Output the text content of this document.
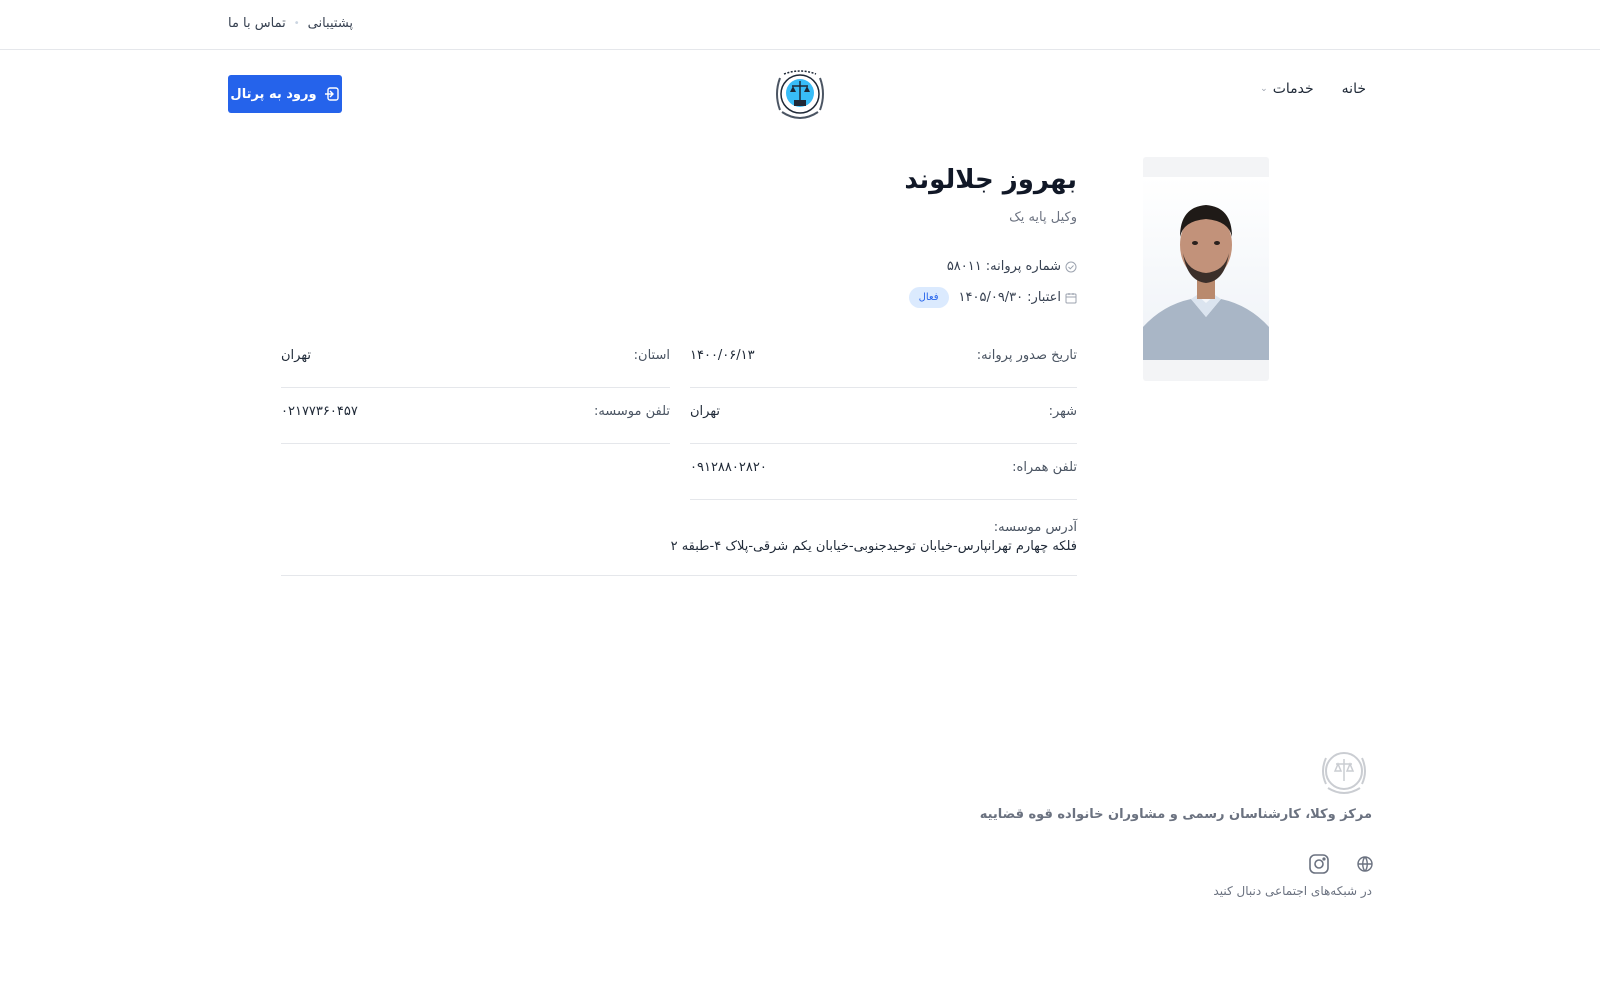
پشتیبانی
•
تماس با ما
ورود به پرتال	خانه
خدمات
⌄
بهروز جلالوند
وکیل پایه یک
شماره پروانه:
۵۸۰۱۱
اعتبار:
۱۴۰۵/۰۹/۳۰
فعال
تاریخ صدور پروانه:
۱۴۰۰/۰۶/۱۳
استان:
تهران
شهر:
تهران
تلفن موسسه:
۰۲۱۷۷۳۶۰۴۵۷
تلفن همراه:
۰۹۱۲۸۸۰۲۸۲۰
آدرس موسسه:
فلکه چهارم تهرانپارس-خیابان توحیدجنوبی-خیابان یکم شرقی-پلاک ۴-طبقه ۲
مرکز وکلا، کارشناسان رسمی و مشاوران خانواده قوه قضاییه
در شبکه‌های اجتماعی دنبال کنید
